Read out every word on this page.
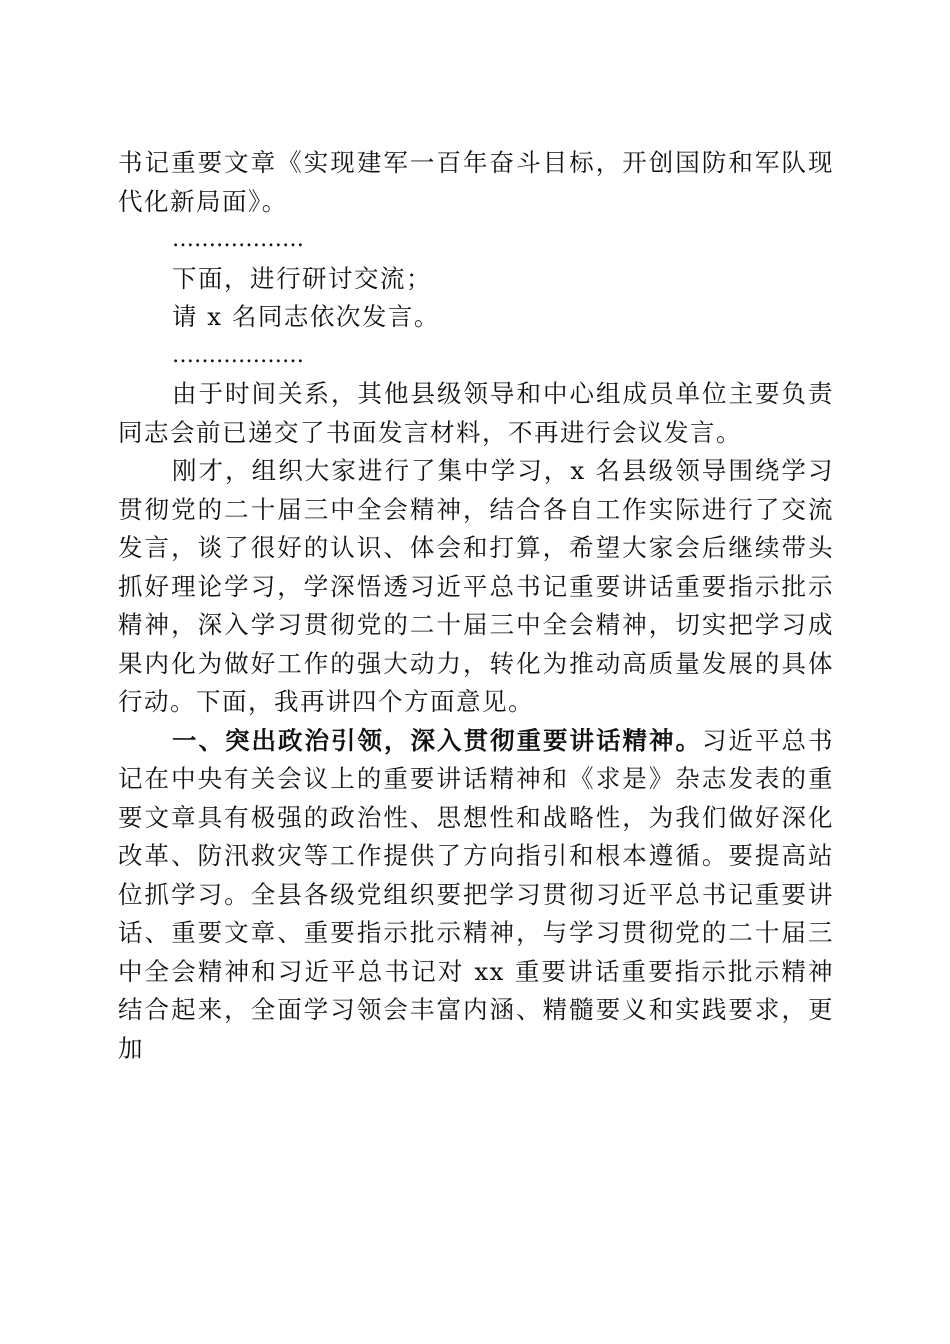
书记重要文章《实现建军一百年奋斗目标，开创国防和军队现代化新局面》。

………………

下面，进行研讨交流；

请 x 名同志依次发言。

………………

由于时间关系，其他县级领导和中心组成员单位主要负责同志会前已递交了书面发言材料，不再进行会议发言。

刚才，组织大家进行了集中学习，x 名县级领导围绕学习贯彻党的二十届三中全会精神，结合各自工作实际进行了交流发言，谈了很好的认识、体会和打算，希望大家会后继续带头抓好理论学习，学深悟透习近平总书记重要讲话重要指示批示精神，深入学习贯彻党的二十届三中全会精神，切实把学习成果内化为做好工作的强大动力，转化为推动高质量发展的具体行动。下面，我再讲四个方面意见。

一、突出政治引领，深入贯彻重要讲话精神。习近平总书记在中央有关会议上的重要讲话精神和《求是》杂志发表的重要文章具有极强的政治性、思想性和战略性，为我们做好深化改革、防汛救灾等工作提供了方向指引和根本遵循。要提高站位抓学习。全县各级党组织要把学习贯彻习近平总书记重要讲话、重要文章、重要指示批示精神，与学习贯彻党的二十届三中全会精神和习近平总书记对 xx 重要讲话重要指示批示精神结合起来，全面学习领会丰富内涵、精髓要义和实践要求，更加
